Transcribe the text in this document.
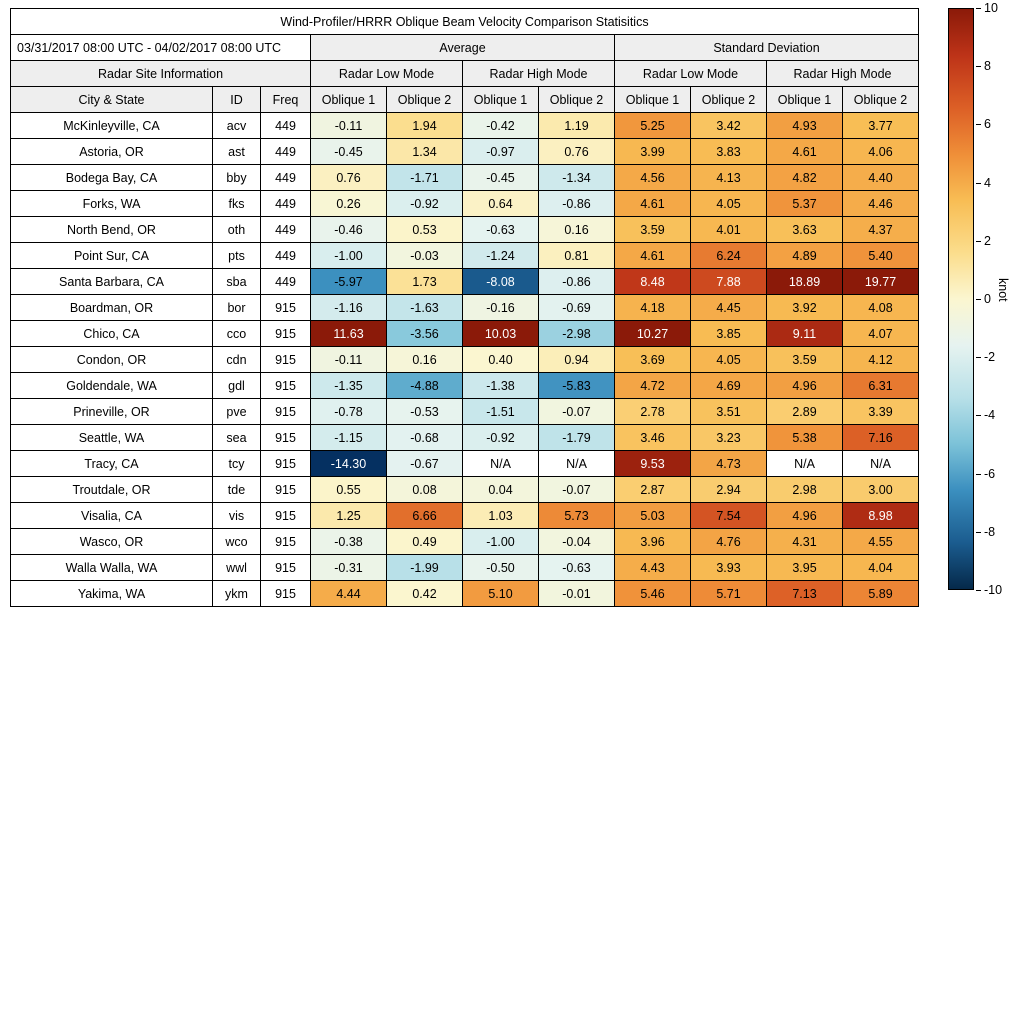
Wind-Profiler/HRRR Oblique Beam Velocity Comparison Statisitics										
03/31/2017 08:00 UTC - 04/02/2017 08:00 UTC			Average				Standard Deviation			
Radar Site Information			Radar Low Mode		Radar High Mode		Radar Low Mode		Radar High Mode	
City & State	ID	Freq	Oblique 1	Oblique 2	Oblique 1	Oblique 2	Oblique 1	Oblique 2	Oblique 1	Oblique 2
McKinleyville, CA	acv	449	-0.11	1.94	-0.42	1.19	5.25	3.42	4.93	3.77
Astoria, OR	ast	449	-0.45	1.34	-0.97	0.76	3.99	3.83	4.61	4.06
Bodega Bay, CA	bby	449	0.76	-1.71	-0.45	-1.34	4.56	4.13	4.82	4.40
Forks, WA	fks	449	0.26	-0.92	0.64	-0.86	4.61	4.05	5.37	4.46
North Bend, OR	oth	449	-0.46	0.53	-0.63	0.16	3.59	4.01	3.63	4.37
Point Sur, CA	pts	449	-1.00	-0.03	-1.24	0.81	4.61	6.24	4.89	5.40
Santa Barbara, CA	sba	449	-5.97	1.73	-8.08	-0.86	8.48	7.88	18.89	19.77
Boardman, OR	bor	915	-1.16	-1.63	-0.16	-0.69	4.18	4.45	3.92	4.08
Chico, CA	cco	915	11.63	-3.56	10.03	-2.98	10.27	3.85	9.11	4.07
Condon, OR	cdn	915	-0.11	0.16	0.40	0.94	3.69	4.05	3.59	4.12
Goldendale, WA	gdl	915	-1.35	-4.88	-1.38	-5.83	4.72	4.69	4.96	6.31
Prineville, OR	pve	915	-0.78	-0.53	-1.51	-0.07	2.78	3.51	2.89	3.39
Seattle, WA	sea	915	-1.15	-0.68	-0.92	-1.79	3.46	3.23	5.38	7.16
Tracy, CA	tcy	915	-14.30	-0.67	N/A	N/A	9.53	4.73	N/A	N/A
Troutdale, OR	tde	915	0.55	0.08	0.04	-0.07	2.87	2.94	2.98	3.00
Visalia, CA	vis	915	1.25	6.66	1.03	5.73	5.03	7.54	4.96	8.98
Wasco, OR	wco	915	-0.38	0.49	-1.00	-0.04	3.96	4.76	4.31	4.55
Walla Walla, WA	wwl	915	-0.31	-1.99	-0.50	-0.63	4.43	3.93	3.95	4.04
Yakima, WA	ykm	915	4.44	0.42	5.10	-0.01	5.46	5.71	7.13	5.89
10
8
6
4
2
0
-2
-4
-6
-8
-10
knot
